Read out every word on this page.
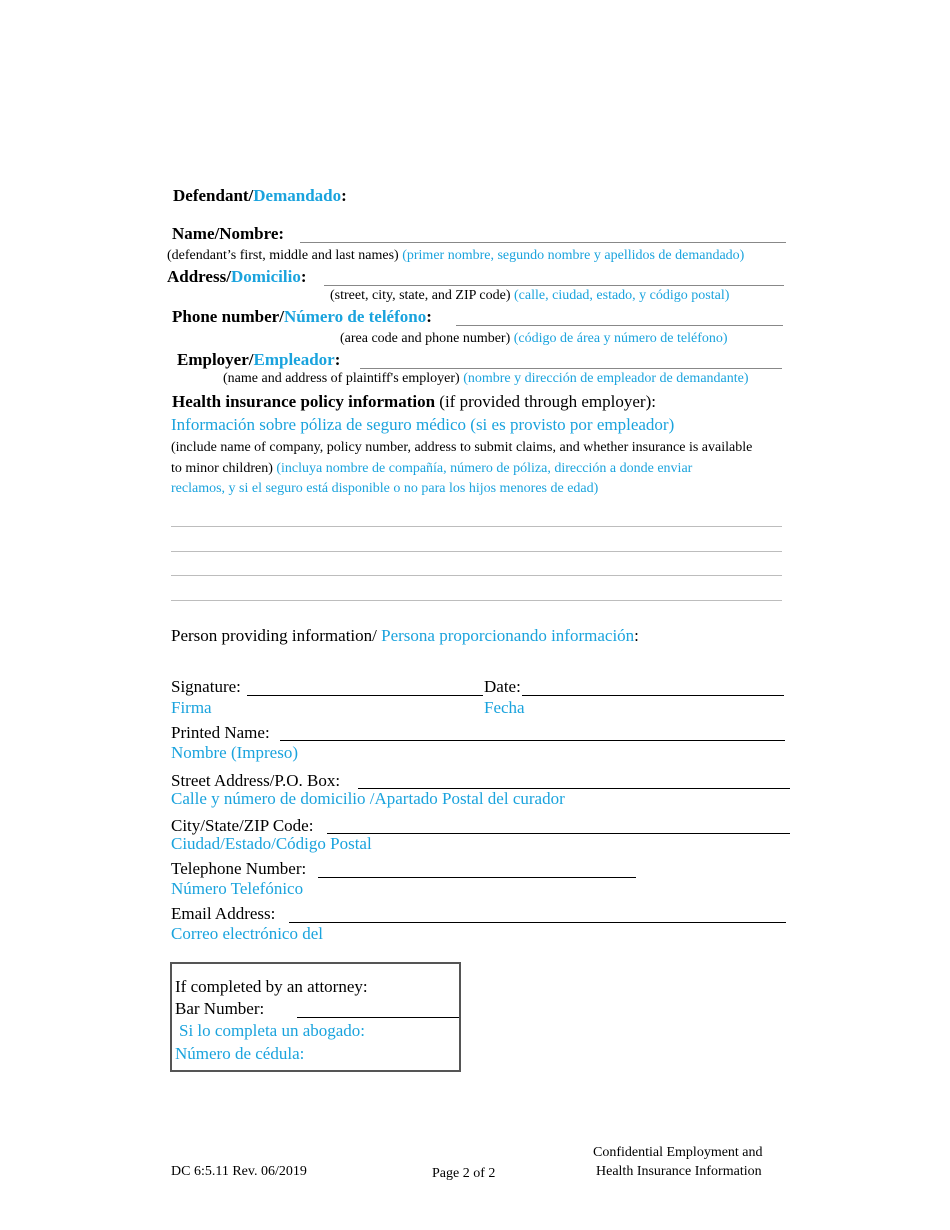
Defendant/Demandado:
Name/Nombre:
(defendant’s first, middle and last names) (primer nombre, segundo nombre y apellidos de demandado)
Address/Domicilio:
(street, city, state, and ZIP code) (calle, ciudad, estado, y código postal)
Phone number/Número de teléfono:
(area code and phone number) (código de área y número de teléfono)
Employer/Empleador:
(name and address of plaintiff's employer) (nombre y dirección de empleador de demandante)
Health insurance policy information (if provided through employer):
Información sobre póliza de seguro médico (si es provisto por empleador)
(include name of company, policy number, address to submit claims, and whether insurance is available
to minor children) (incluya nombre de compañía, número de póliza, dirección a donde enviar
reclamos, y si el seguro está disponible o no para los hijos menores de edad)
Person providing information/ Persona proporcionando información:
Signature:
Firma
Date:
Fecha
Printed Name:
Nombre (Impreso)
Street Address/P.O. Box:
Calle y número de domicilio /Apartado Postal del curador
City/State/ZIP Code:
Ciudad/Estado/Código Postal
Telephone Number:
Número Telefónico
Email Address:
Correo electrónico del
If completed by an attorney:
Bar Number:
Si lo completa un abogado:
Número de cédula:
DC 6:5.11 Rev. 06/2019	Page 2 of 2
Confidential Employment and
Health Insurance Information
